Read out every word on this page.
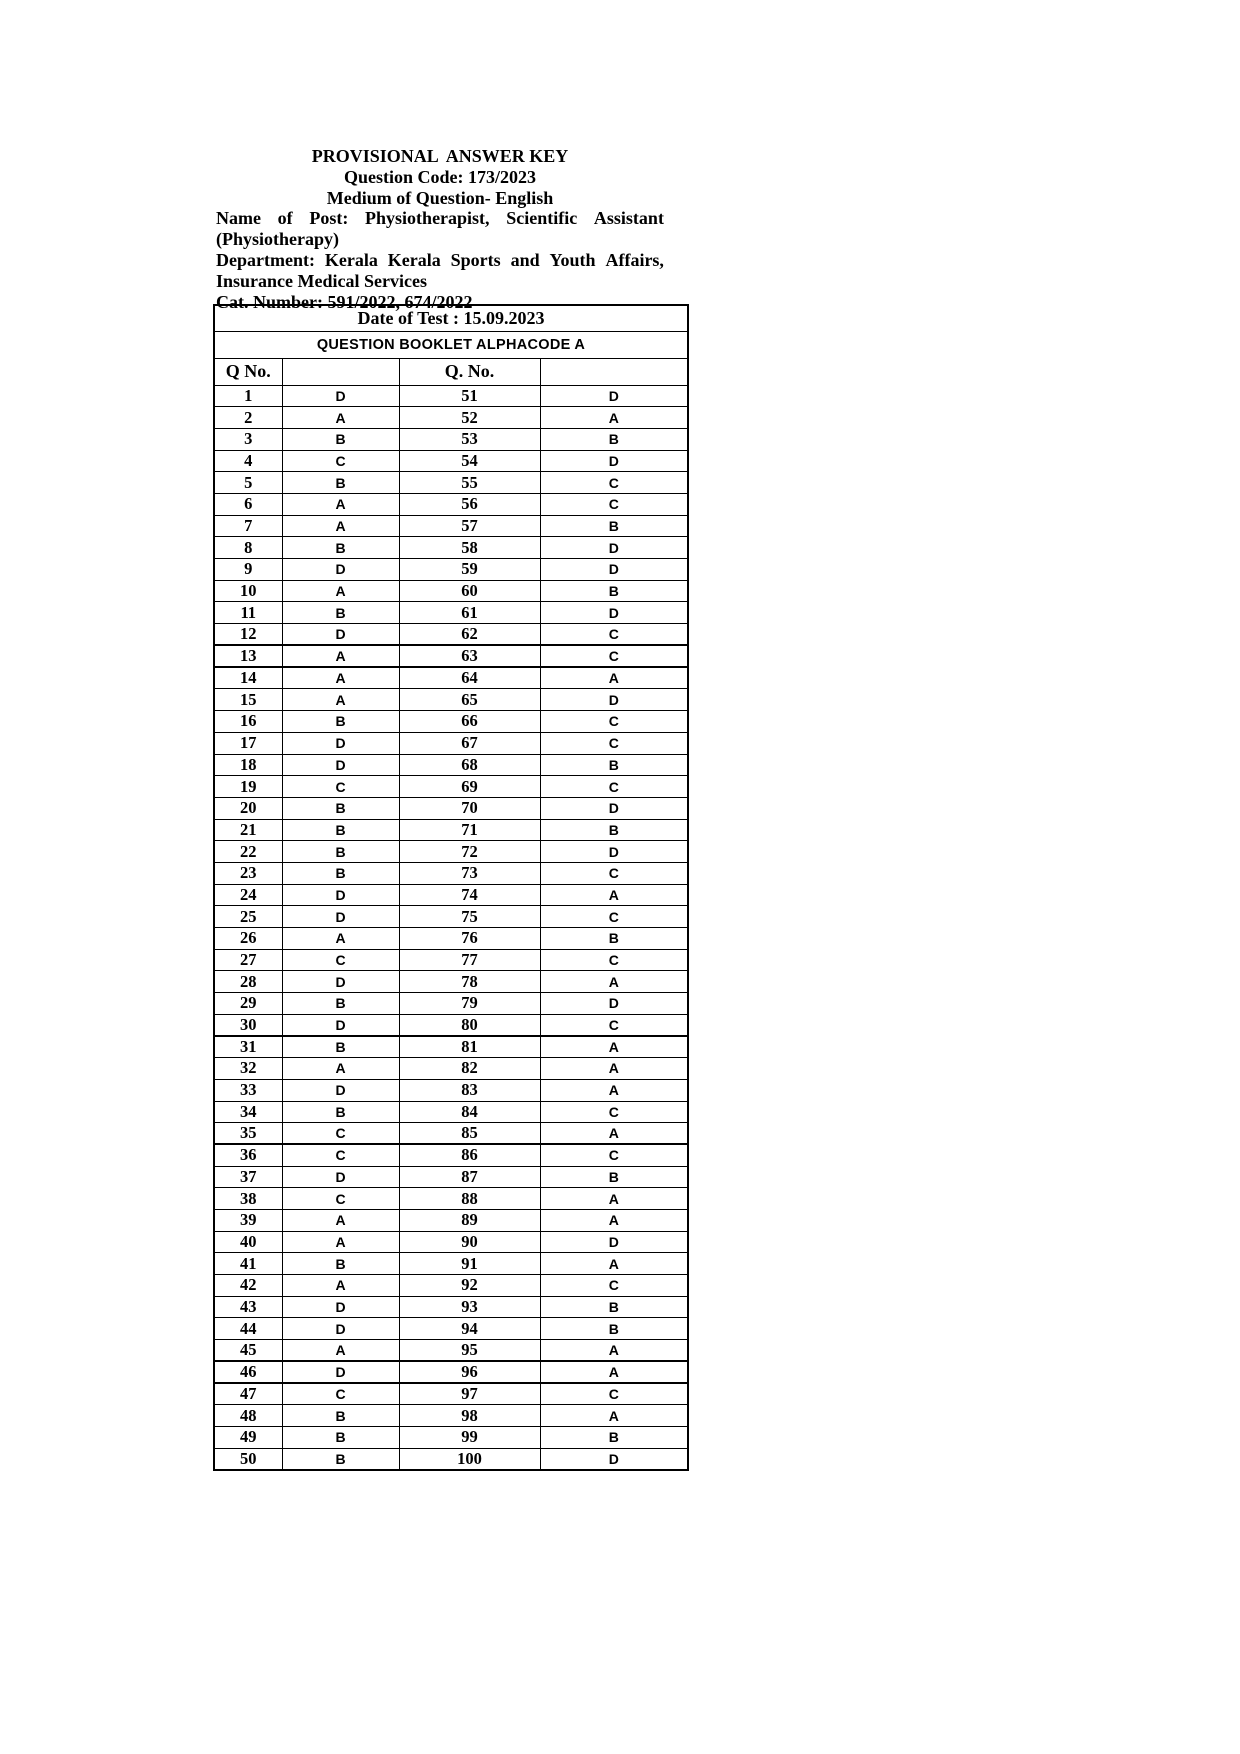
PROVISIONAL  ANSWER KEY
Question Code: 173/2023
Medium of Question- English
Name of Post: Physiotherapist, Scientific Assistant
(Physiotherapy)
Department: Kerala Kerala Sports and Youth Affairs,
Insurance Medical Services
Cat. Number: 591/2022, 674/2022
Date of Test : 15.09.2023			
QUESTION BOOKLET ALPHACODE A			
Q No.		Q. No.	
1	D	51	D
2	A	52	A
3	B	53	B
4	C	54	D
5	B	55	C
6	A	56	C
7	A	57	B
8	B	58	D
9	D	59	D
10	A	60	B
11	B	61	D
12	D	62	C
13	A	63	C
14	A	64	A
15	A	65	D
16	B	66	C
17	D	67	C
18	D	68	B
19	C	69	C
20	B	70	D
21	B	71	B
22	B	72	D
23	B	73	C
24	D	74	A
25	D	75	C
26	A	76	B
27	C	77	C
28	D	78	A
29	B	79	D
30	D	80	C
31	B	81	A
32	A	82	A
33	D	83	A
34	B	84	C
35	C	85	A
36	C	86	C
37	D	87	B
38	C	88	A
39	A	89	A
40	A	90	D
41	B	91	A
42	A	92	C
43	D	93	B
44	D	94	B
45	A	95	A
46	D	96	A
47	C	97	C
48	B	98	A
49	B	99	B
50	B	100	D
